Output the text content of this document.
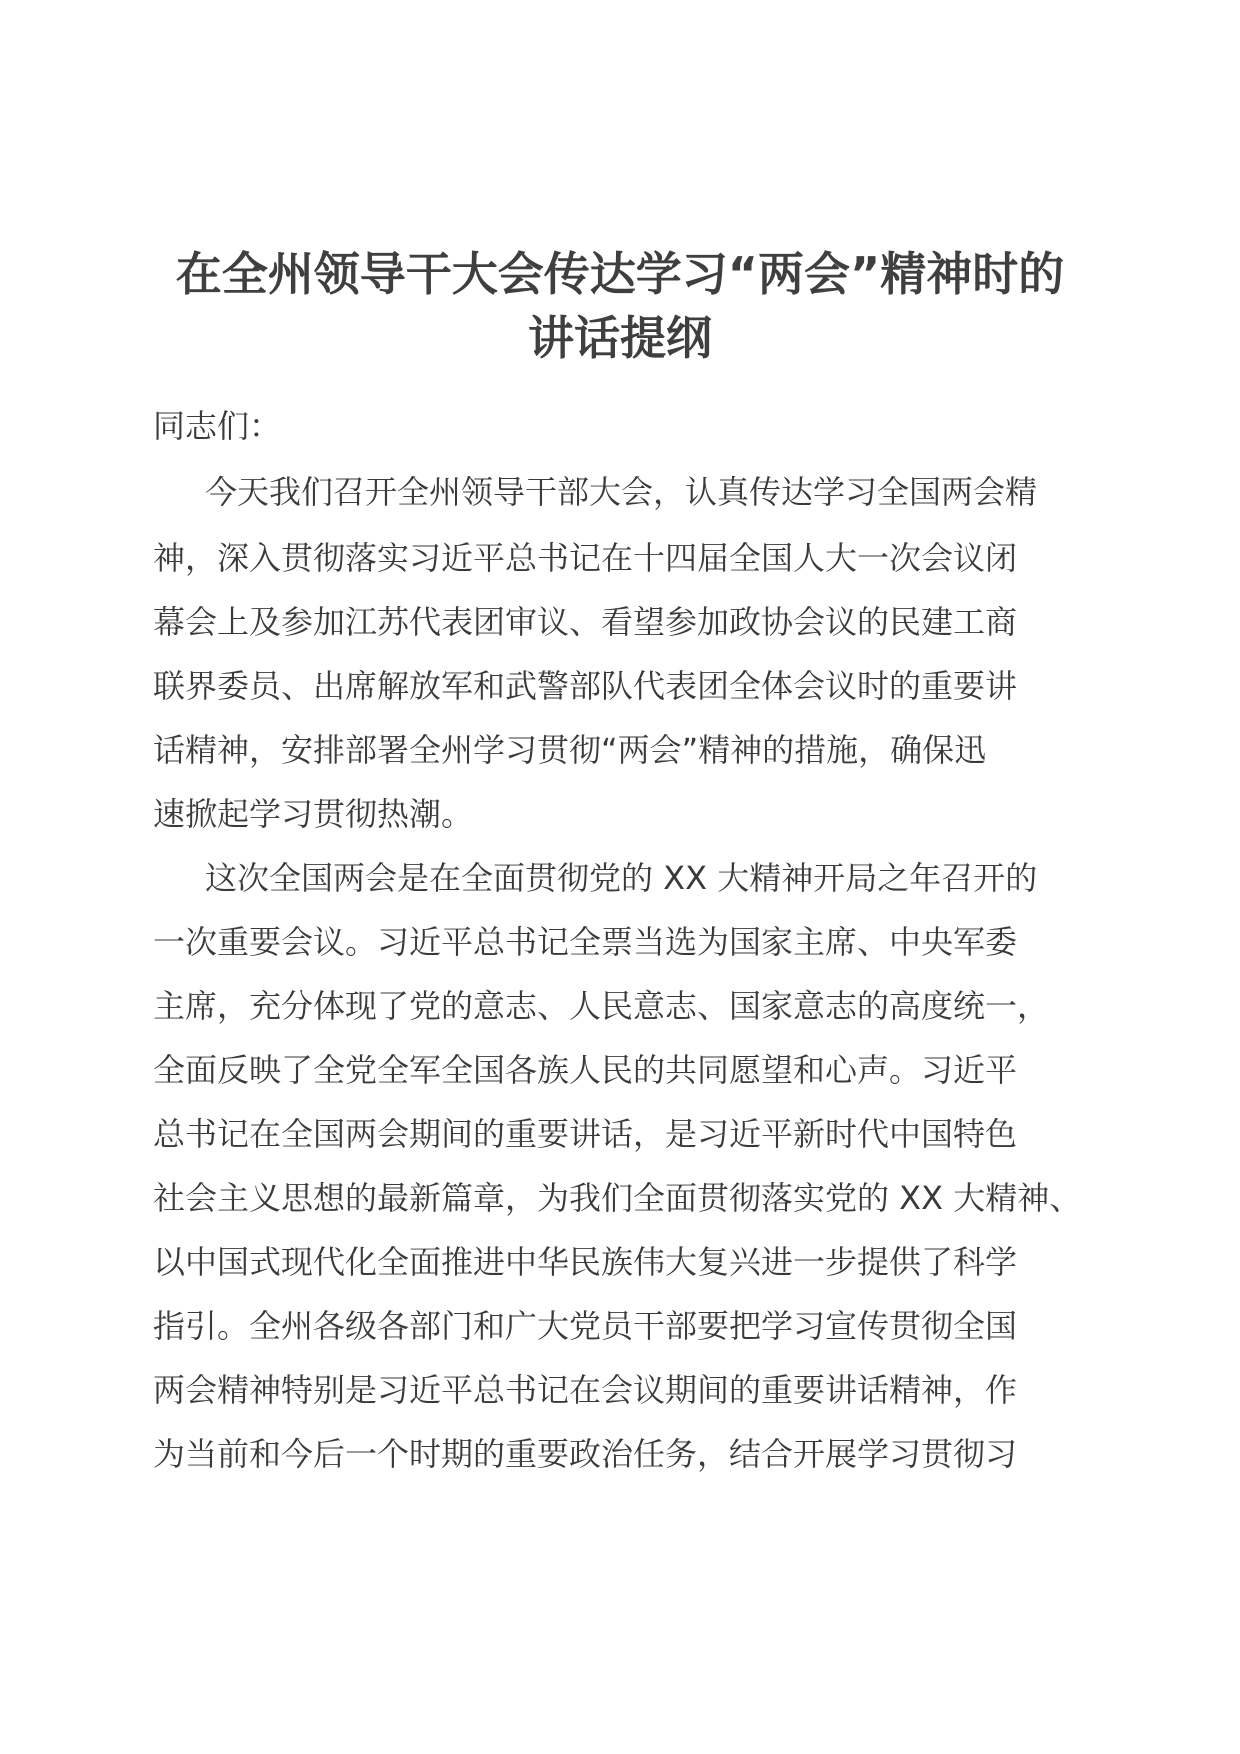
在全州领导干大会传达学习“两会”精神时的
讲话提纲
同志们：
今天我们召开全州领导干部大会，认真传达学习全国两会精
神，深入贯彻落实习近平总书记在十四届全国人大一次会议闭
幕会上及参加江苏代表团审议、看望参加政协会议的民建工商
联界委员、出席解放军和武警部队代表团全体会议时的重要讲
话精神，安排部署全州学习贯彻“两会”精神的措施，确保迅
速掀起学习贯彻热潮。
这次全国两会是在全面贯彻党的 XX 大精神开局之年召开的
一次重要会议。习近平总书记全票当选为国家主席、中央军委
主席，充分体现了党的意志、人民意志、国家意志的高度统一，
全面反映了全党全军全国各族人民的共同愿望和心声。习近平
总书记在全国两会期间的重要讲话，是习近平新时代中国特色
社会主义思想的最新篇章，为我们全面贯彻落实党的 XX 大精神、
以中国式现代化全面推进中华民族伟大复兴进一步提供了科学
指引。全州各级各部门和广大党员干部要把学习宣传贯彻全国
两会精神特别是习近平总书记在会议期间的重要讲话精神，作
为当前和今后一个时期的重要政治任务，结合开展学习贯彻习
